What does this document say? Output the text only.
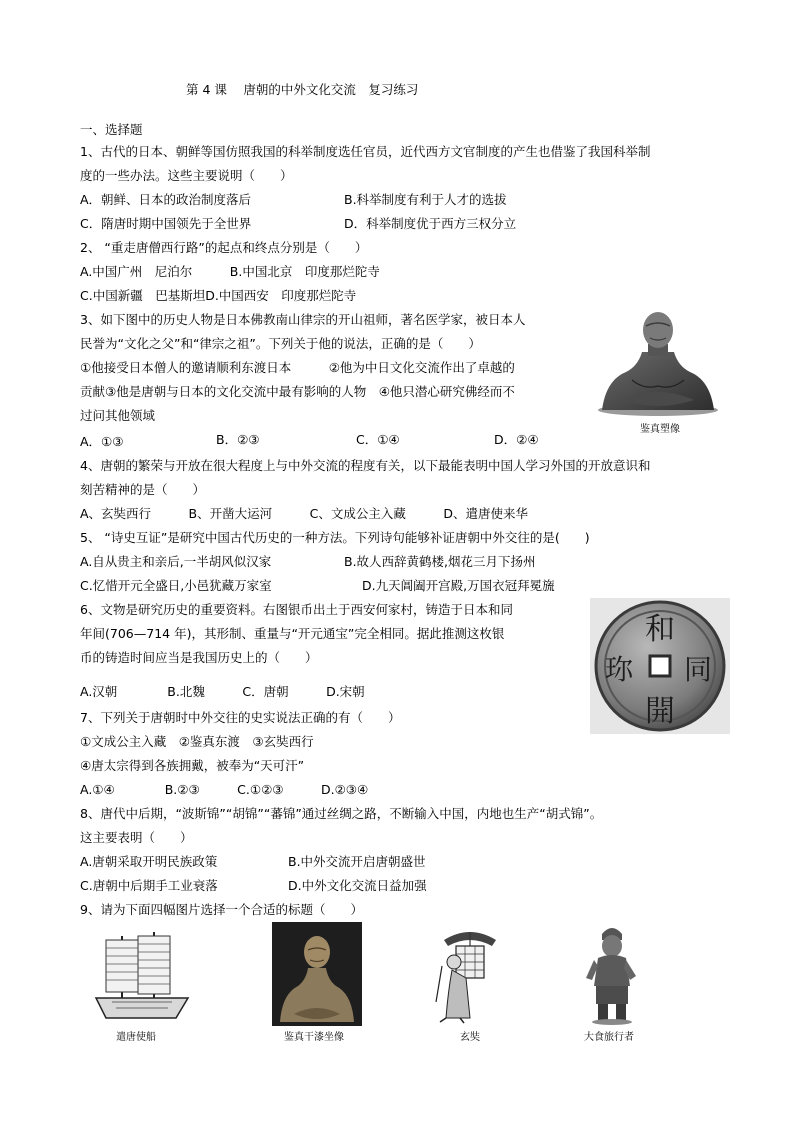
第 4 课　 唐朝的中外文化交流　复习练习
一、选择题
1、古代的日本、朝鲜等国仿照我国的科举制度选任官员，近代西方文官制度的产生也借鉴了我国科举制
度的一些办法。这些主要说明（　　）
A．朝鲜、日本的政治制度落后	B.科举制度有利于人才的选拔
C．隋唐时期中国领先于全世界	D．科举制度优于西方三权分立
2、 “重走唐僧西行路”的起点和终点分别是（　　）
A.中国广州　尼泊尔　　　B.中国北京　印度那烂陀寺
C.中国新疆　巴基斯坦D.中国西安　印度那烂陀寺
3、如下图中的历史人物是日本佛教南山律宗的开山祖师，著名医学家，被日本人
民誉为“文化之父”和“律宗之祖”。下列关于他的说法，正确的是（　　）
①他接受日本僧人的邀请顺利东渡日本　　　②他为中日文化交流作出了卓越的
贡献③他是唐朝与日本的文化交流中最有影响的人物　④他只潜心研究佛经而不
过问其他领域
A．①③	B．②③	C．①④	D．②④
鉴真塑像
4、唐朝的繁荣与开放在很大程度上与中外交流的程度有关，以下最能表明中国人学习外国的开放意识和
刻苦精神的是（　　）
A、玄奘西行　　　B、开凿大运河　　　C、文成公主入藏　　　D、遣唐使来华
5、 “诗史互证”是研究中国古代历史的一种方法。下列诗句能够补证唐朝中外交往的是(　　)
A.自从贵主和亲后,一半胡风似汉家	B.故人西辞黄鹤楼,烟花三月下扬州
C.忆惜开元全盛日,小邑犹藏万家室	D.九天阊阖开宫殿,万国衣冠拜冕旒
6、文物是研究历史的重要资料。右图银币出土于西安何家村，铸造于日本和同
年间(706—714 年)，其形制、重量与“开元通宝”完全相同。据此推测这枚银
币的铸造时间应当是我国历史上的（　　）
A.汉朝　　　　B.北魏　　　C．唐朝　　　D.宋朝
和
同
開
珎
7、下列关于唐朝时中外交往的史实说法正确的有（　　）
①文成公主入藏　②鉴真东渡　③玄奘西行
④唐太宗得到各族拥戴，被奉为“天可汗”
A.①④　　　　B.②③　　　C.①②③　　　D.②③④
8、唐代中后期，“波斯锦”“胡锦”“蕃锦”通过丝绸之路，不断输入中国，内地也生产“胡式锦”。
这主要表明（　　）
A.唐朝采取开明民族政策	B.中外交流开启唐朝盛世
C.唐朝中后期手工业衰落	D.中外文化交流日益加强
9、请为下面四幅图片选择一个合适的标题（　　）
遣唐使船	鉴真干漆坐像	玄奘	大食旅行者
